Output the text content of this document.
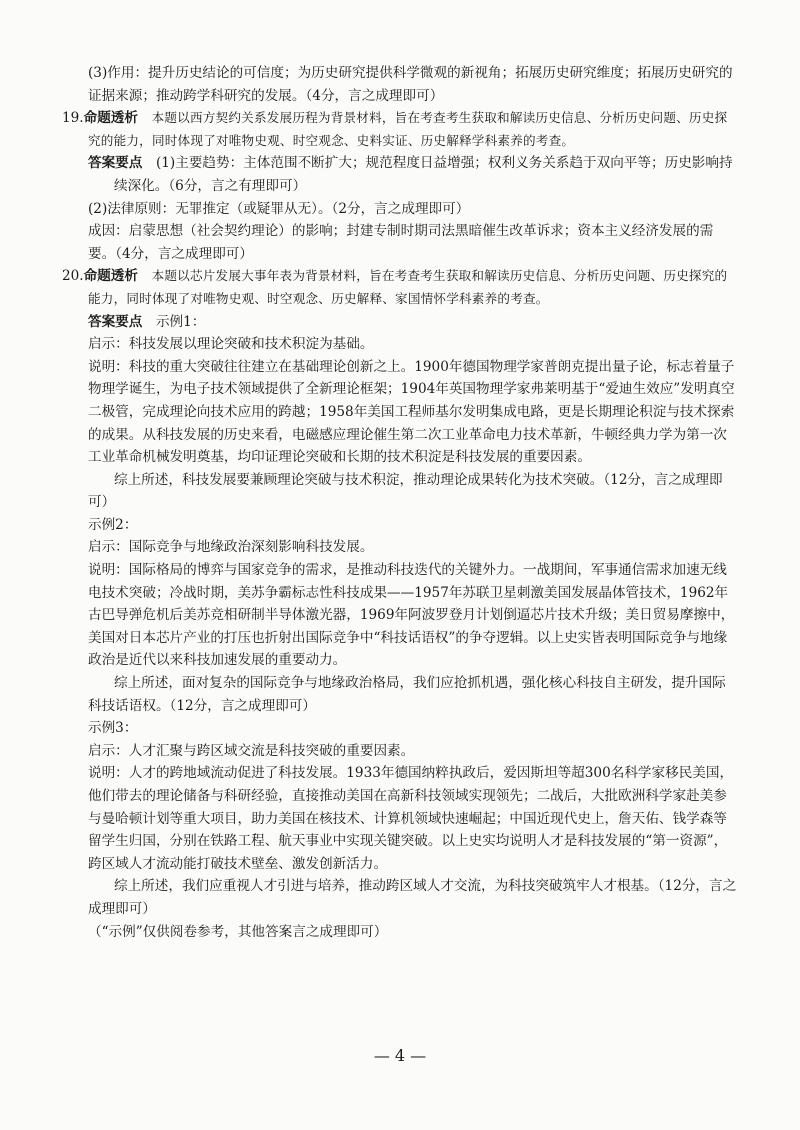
(3)作用：提升历史结论的可信度；为历史研究提供科学微观的新视角；拓展历史研究维度；拓展历史研究的

证据来源；推动跨学科研究的发展。（4分，言之成理即可）

19.命题透析　 本题以西方契约关系发展历程为背景材料，旨在考查考生获取和解读历史信息、分析历史问题、历史探究的能力，同时体现了对唯物史观、时空观念、史料实证、历史解释学科素养的考查。

答案要点　 (1)主要趋势：主体范围不断扩大；规范程度日益增强；权利义务关系趋于双向平等；历史影响持续深化。（6分，言之有理即可）

(2)法律原则：无罪推定（或疑罪从无）。（2分，言之成理即可）

成因：启蒙思想（社会契约理论）的影响；封建专制时期司法黑暗催生改革诉求；资本主义经济发展的需要。（4分，言之成理即可）

20.命题透析　 本题以芯片发展大事年表为背景材料，旨在考查考生获取和解读历史信息、分析历史问题、历史探究的能力，同时体现了对唯物史观、时空观念、历史解释、家国情怀学科素养的考查。

答案要点　 示例1：

启示：科技发展以理论突破和技术积淀为基础。

说明：科技的重大突破往往建立在基础理论创新之上。1900年德国物理学家普朗克提出量子论，标志着量子物理学诞生，为电子技术领域提供了全新理论框架；1904年英国物理学家弗莱明基于“爱迪生效应”发明真空二极管，完成理论向技术应用的跨越；1958年美国工程师基尔发明集成电路，更是长期理论积淀与技术探索的成果。从科技发展的历史来看，电磁感应理论催生第二次工业革命电力技术革新，牛顿经典力学为第一次工业革命机械发明奠基，均印证理论突破和长期的技术积淀是科技发展的重要因素。

综上所述，科技发展要兼顾理论突破与技术积淀，推动理论成果转化为技术突破。（12分，言之成理即可）

示例2：

启示：国际竞争与地缘政治深刻影响科技发展。

说明：国际格局的博弈与国家竞争的需求，是推动科技迭代的关键外力。一战期间，军事通信需求加速无线电技术突破；冷战时期，美苏争霸标志性科技成果——1957年苏联卫星刺激美国发展晶体管技术，1962年古巴导弹危机后美苏竞相研制半导体激光器，1969年阿波罗登月计划倒逼芯片技术升级；美日贸易摩擦中，美国对日本芯片产业的打压也折射出国际竞争中“科技话语权”的争夺逻辑。以上史实皆表明国际竞争与地缘政治是近代以来科技加速发展的重要动力。

综上所述，面对复杂的国际竞争与地缘政治格局，我们应抢抓机遇，强化核心科技自主研发，提升国际科技话语权。（12分，言之成理即可）

示例3：

启示：人才汇聚与跨区域交流是科技突破的重要因素。

说明：人才的跨地域流动促进了科技发展。1933年德国纳粹执政后，爱因斯坦等超300名科学家移民美国，他们带去的理论储备与科研经验，直接推动美国在高新科技领域实现领先；二战后，大批欧洲科学家赴美参与曼哈顿计划等重大项目，助力美国在核技术、计算机领域快速崛起；中国近现代史上，詹天佑、钱学森等留学生归国，分别在铁路工程、航天事业中实现关键突破。以上史实均说明人才是科技发展的“第一资源”，跨区域人才流动能打破技术壁垒、激发创新活力。

综上所述，我们应重视人才引进与培养，推动跨区域人才交流，为科技突破筑牢人才根基。（12分，言之成理即可）

（“示例”仅供阅卷参考，其他答案言之成理即可）

— 4 —
